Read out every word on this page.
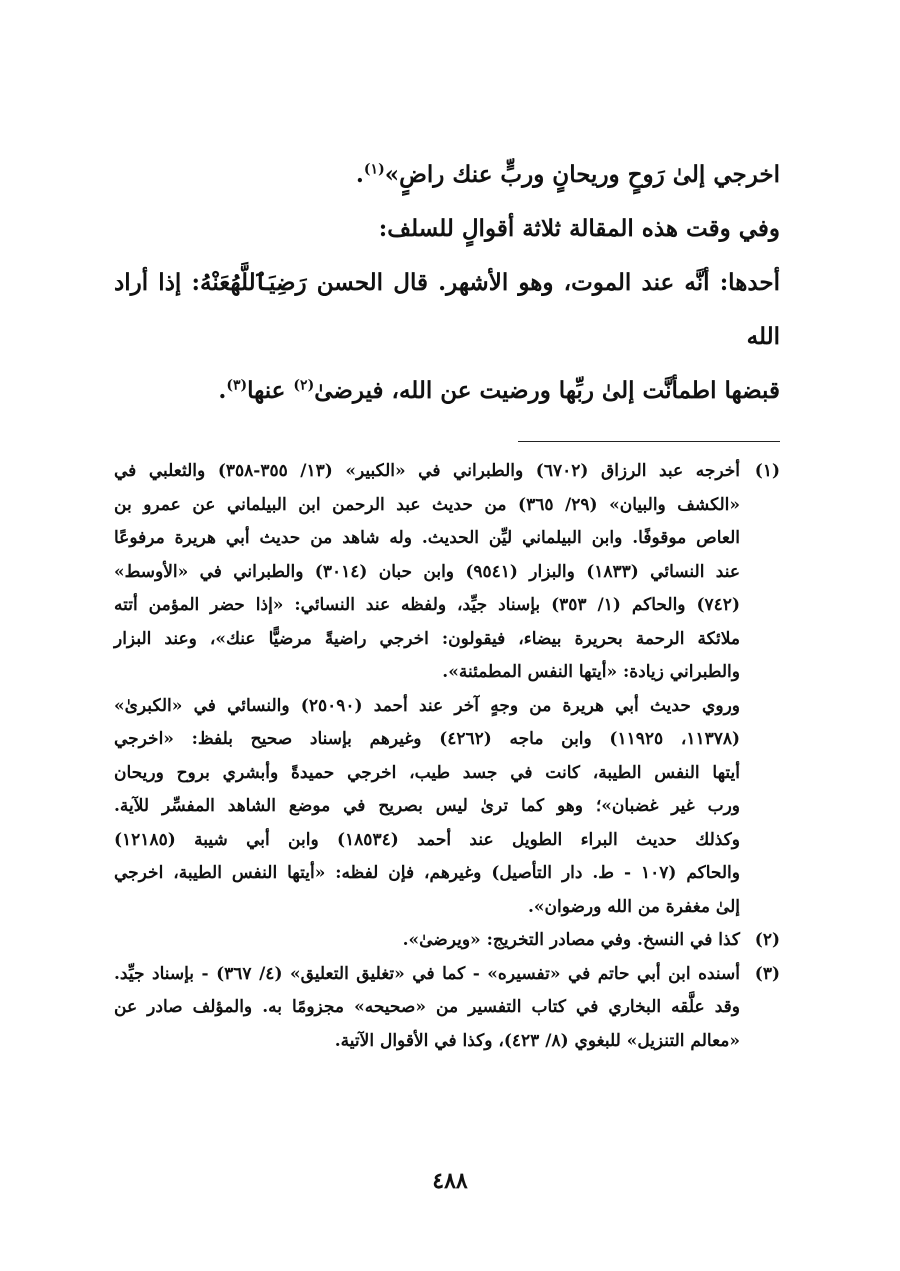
اخرجي إلىٰ رَوحٍ وريحانٍ وربٍّ عنك راضٍ»$^{(١)}$.

وفي وقت هذه المقالة ثلاثة أقوالٍ للسلف:

أحدها: أنَّه عند الموت، وهو الأشهر. قال الحسن رَضِيَٱللَّهُعَنْهُ: إذا أراد الله

قبضها اطمأنَّت إلىٰ ربِّها ورضيت عن الله، فيرضىٰ$^{(٢)}$ عنها$^{(٣)}$.

(١)
أخرجه عبد الرزاق (٦٧٠٢) والطبراني في «الكبير» (١٣/ ٣٥٥-٣٥٨) والثعلبي في
«الكشف والبيان» (٢٩/ ٣٦٥) من حديث عبد الرحمن ابن البيلماني عن عمرو بن
العاص موقوفًا. وابن البيلماني ليِّن الحديث. وله شاهد من حديث أبي هريرة مرفوعًا
عند النسائي (١٨٣٣) والبزار (٩٥٤١) وابن حبان (٣٠١٤) والطبراني في «الأوسط»
(٧٤٢) والحاكم (١/ ٣٥٣) بإسناد جيِّد، ولفظه عند النسائي: «إذا حضر المؤمن أتته
ملائكة الرحمة بحريرة بيضاء، فيقولون: اخرجي راضيةً مرضيًّا عنك»، وعند البزار
والطبراني زيادة: «أيتها النفس المطمئنة».
وروي حديث أبي هريرة من وجهٍ آخر عند أحمد (٢٥٠٩٠) والنسائي في «الكبرىٰ»
(١١٣٧٨، ١١٩٢٥) وابن ماجه (٤٢٦٢) وغيرهم بإسناد صحيح بلفظ: «اخرجي
أيتها النفس الطيبة، كانت في جسد طيب، اخرجي حميدةً وأبشري بروح وريحان
ورب غير غضبان»؛ وهو كما ترىٰ ليس بصريح في موضع الشاهد المفسِّر للآية.
وكذلك حديث البراء الطويل عند أحمد (١٨٥٣٤) وابن أبي شيبة (١٢١٨٥)
والحاكم (١٠٧ - ط. دار التأصيل) وغيرهم، فإن لفظه: «أيتها النفس الطيبة، اخرجي
إلىٰ مغفرة من الله ورضوان».
(٢)
كذا في النسخ. وفي مصادر التخريج: «ويرضىٰ».
(٣)
أسنده ابن أبي حاتم في «تفسيره» - كما في «تغليق التعليق» (٤/ ٣٦٧) - بإسناد جيِّد.
وقد علَّقه البخاري في كتاب التفسير من «صحيحه» مجزومًا به. والمؤلف صادر عن
«معالم التنزيل» للبغوي (٨/ ٤٢٣)، وكذا في الأقوال الآتية.
٤٨٨
